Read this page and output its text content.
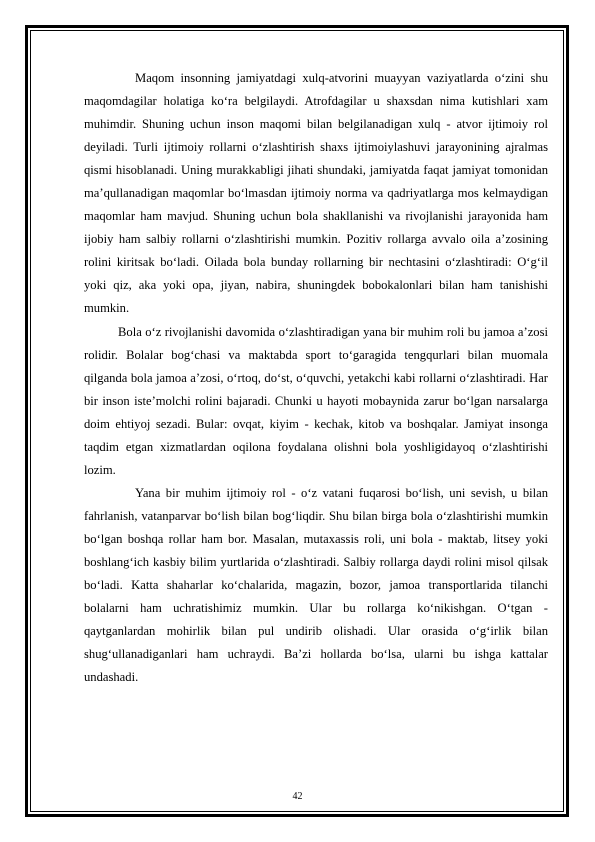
Maqom insonning jamiyatdagi xulq-atvorini muayyan vaziyatlarda o‘zini shu maqomdagilar holatiga ko‘ra belgilaydi. Atrofdagilar u shaxsdan nima kutishlari xam muhimdir. Shuning uchun inson maqomi bilan belgilanadigan xulq - atvor ijtimoiy rol deyiladi. Turli ijtimoiy rollarni o‘zlashtirish shaxs ijtimoiylashuvi jarayonining ajralmas qismi hisoblanadi. Uning murakkabligi jihati shundaki, jamiyatda faqat jamiyat tomonidan ma’qullanadigan maqomlar bo‘lmasdan ijtimoiy norma va qadriyatlarga mos kelmaydigan maqomlar ham mavjud. Shuning uchun bola shakllanishi va rivojlanishi jarayonida ham ijobiy ham salbiy rollarni o‘zlashtirishi mumkin. Pozitiv rollarga avvalo oila a’zosining rolini kiritsak bo‘ladi. Oilada bola bunday rollarning bir nechtasini o‘zlashtiradi: O‘g‘il yoki qiz, aka yoki opa, jiyan, nabira, shuningdek bobokalonlari bilan ham tanishishi mumkin.

Bola o‘z rivojlanishi davomida o‘zlashtiradigan yana bir muhim roli bu jamoa a’zosi rolidir. Bolalar bog‘chasi va maktabda sport to‘garagida tengqurlari bilan muomala qilganda bola jamoa a’zosi, o‘rtoq, do‘st, o‘quvchi, yetakchi kabi rollarni o‘zlashtiradi. Har bir inson iste’molchi rolini bajaradi. Chunki u hayoti mobaynida zarur bo‘lgan narsalarga doim ehtiyoj sezadi. Bular: ovqat, kiyim - kechak, kitob va boshqalar. Jamiyat insonga taqdim etgan xizmatlardan oqilona foydalana olishni bola yoshligidayoq o‘zlashtirishi lozim.

Yana bir muhim ijtimoiy rol - o‘z vatani fuqarosi bo‘lish, uni sevish, u bilan fahrlanish, vatanparvar bo‘lish bilan bog‘liqdir. Shu bilan birga bola o‘zlashtirishi mumkin bo‘lgan boshqa rollar ham bor. Masalan, mutaxassis roli, uni bola - maktab, litsey yoki boshlang‘ich kasbiy bilim yurtlarida o‘zlashtiradi. Salbiy rollarga daydi rolini misol qilsak bo‘ladi. Katta shaharlar ko‘chalarida, magazin, bozor, jamoa transportlarida tilanchi bolalarni ham uchratishimiz mumkin. Ular bu rollarga ko‘nikishgan. O‘tgan - qaytganlardan mohirlik bilan pul undirib olishadi. Ular orasida o‘g‘irlik bilan shug‘ullanadiganlari ham uchraydi. Ba’zi hollarda bo‘lsa, ularni bu ishga kattalar undashadi.

42
